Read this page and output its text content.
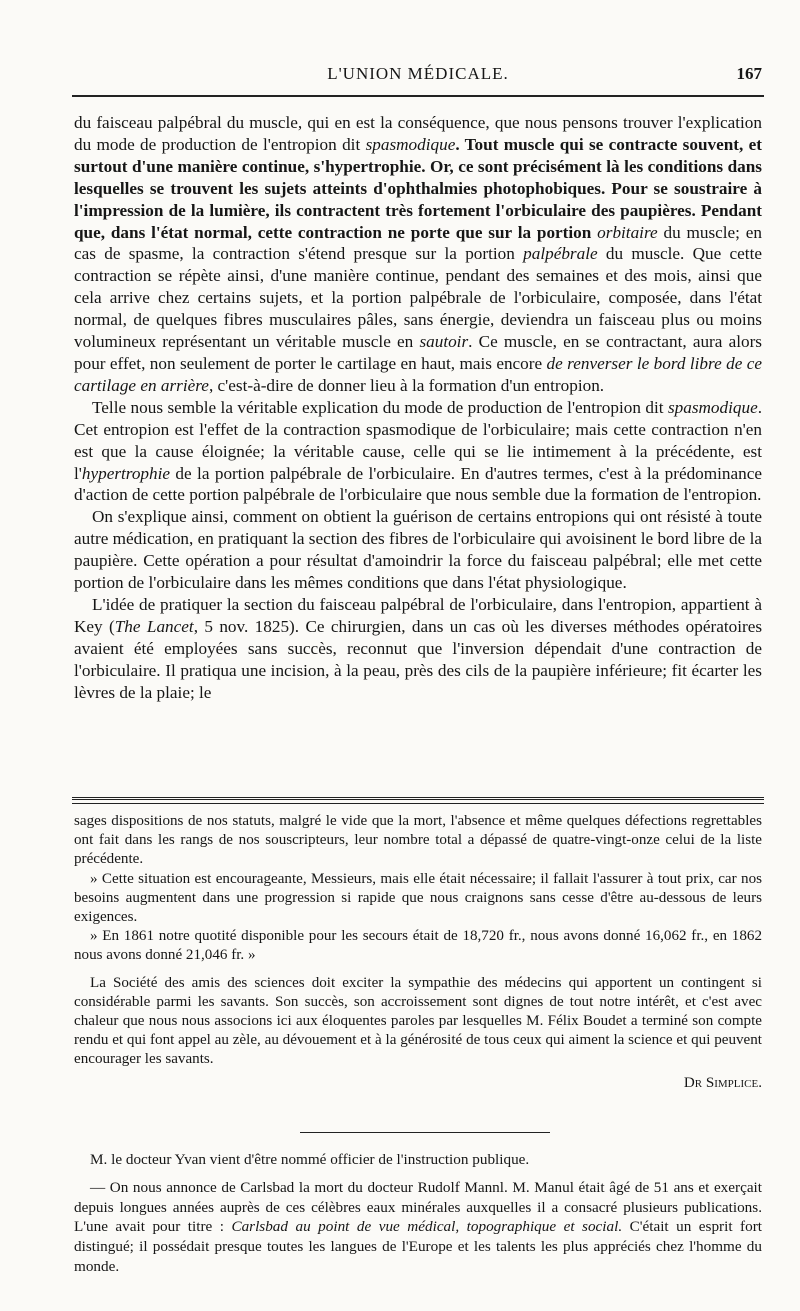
L'UNION MÉDICALE.	167

du faisceau palpébral du muscle, qui en est la conséquence, que nous pensons trouver l'explication du mode de production de l'entropion dit spasmodique. Tout muscle qui se contracte souvent, et surtout d'une manière continue, s'hypertrophie. Or, ce sont précisément là les conditions dans lesquelles se trouvent les sujets atteints d'ophthalmies photophobiques. Pour se soustraire à l'impression de la lumière, ils contractent très fortement l'orbiculaire des paupières. Pendant que, dans l'état normal, cette contraction ne porte que sur la portion orbitaire du muscle; en cas de spasme, la contraction s'étend presque sur la portion palpébrale du muscle. Que cette contraction se répète ainsi, d'une manière continue, pendant des semaines et des mois, ainsi que cela arrive chez certains sujets, et la portion palpébrale de l'orbiculaire, composée, dans l'état normal, de quelques fibres musculaires pâles, sans énergie, deviendra un faisceau plus ou moins volumineux représentant un véritable muscle en sautoir. Ce muscle, en se contractant, aura alors pour effet, non seulement de porter le cartilage en haut, mais encore de renverser le bord libre de ce cartilage en arrière, c'est-à-dire de donner lieu à la formation d'un entropion.

Telle nous semble la véritable explication du mode de production de l'entropion dit spasmodique. Cet entropion est l'effet de la contraction spasmodique de l'orbiculaire; mais cette contraction n'en est que la cause éloignée; la véritable cause, celle qui se lie intimement à la précédente, est l'hypertrophie de la portion palpébrale de l'orbiculaire. En d'autres termes, c'est à la prédominance d'action de cette portion palpébrale de l'orbiculaire que nous semble due la formation de l'entropion.

On s'explique ainsi, comment on obtient la guérison de certains entropions qui ont résisté à toute autre médication, en pratiquant la section des fibres de l'orbiculaire qui avoisinent le bord libre de la paupière. Cette opération a pour résultat d'amoindrir la force du faisceau palpébral; elle met cette portion de l'orbiculaire dans les mêmes conditions que dans l'état physiologique.

L'idée de pratiquer la section du faisceau palpébral de l'orbiculaire, dans l'entropion, appartient à Key (The Lancet, 5 nov. 1825). Ce chirurgien, dans un cas où les diverses méthodes opératoires avaient été employées sans succès, reconnut que l'inversion dépendait d'une contraction de l'orbiculaire. Il pratiqua une incision, à la peau, près des cils de la paupière inférieure; fit écarter les lèvres de la plaie; le

sages dispositions de nos statuts, malgré le vide que la mort, l'absence et même quelques défections regrettables ont fait dans les rangs de nos souscripteurs, leur nombre total a dépassé de quatre-vingt-onze celui de la liste précédente.

» Cette situation est encourageante, Messieurs, mais elle était nécessaire; il fallait l'assurer à tout prix, car nos besoins augmentent dans une progression si rapide que nous craignons sans cesse d'être au-dessous de leurs exigences.

» En 1861 notre quotité disponible pour les secours était de 18,720 fr., nous avons donné 16,062 fr., en 1862 nous avons donné 21,046 fr. »

La Société des amis des sciences doit exciter la sympathie des médecins qui apportent un contingent si considérable parmi les savants. Son succès, son accroissement sont dignes de tout notre intérêt, et c'est avec chaleur que nous nous associons ici aux éloquentes paroles par lesquelles M. Félix Boudet a terminé son compte rendu et qui font appel au zèle, au dévouement et à la générosité de tous ceux qui aiment la science et qui peuvent encourager les savants.

Dr Simplice.

M. le docteur Yvan vient d'être nommé officier de l'instruction publique.

— On nous annonce de Carlsbad la mort du docteur Rudolf Mannl. M. Manul était âgé de 51 ans et exerçait depuis longues années auprès de ces célèbres eaux minérales auxquelles il a consacré plusieurs publications. L'une avait pour titre : Carlsbad au point de vue médical, topographique et social. C'était un esprit fort distingué; il possédait presque toutes les langues de l'Europe et les talents les plus appréciés chez l'homme du monde.
